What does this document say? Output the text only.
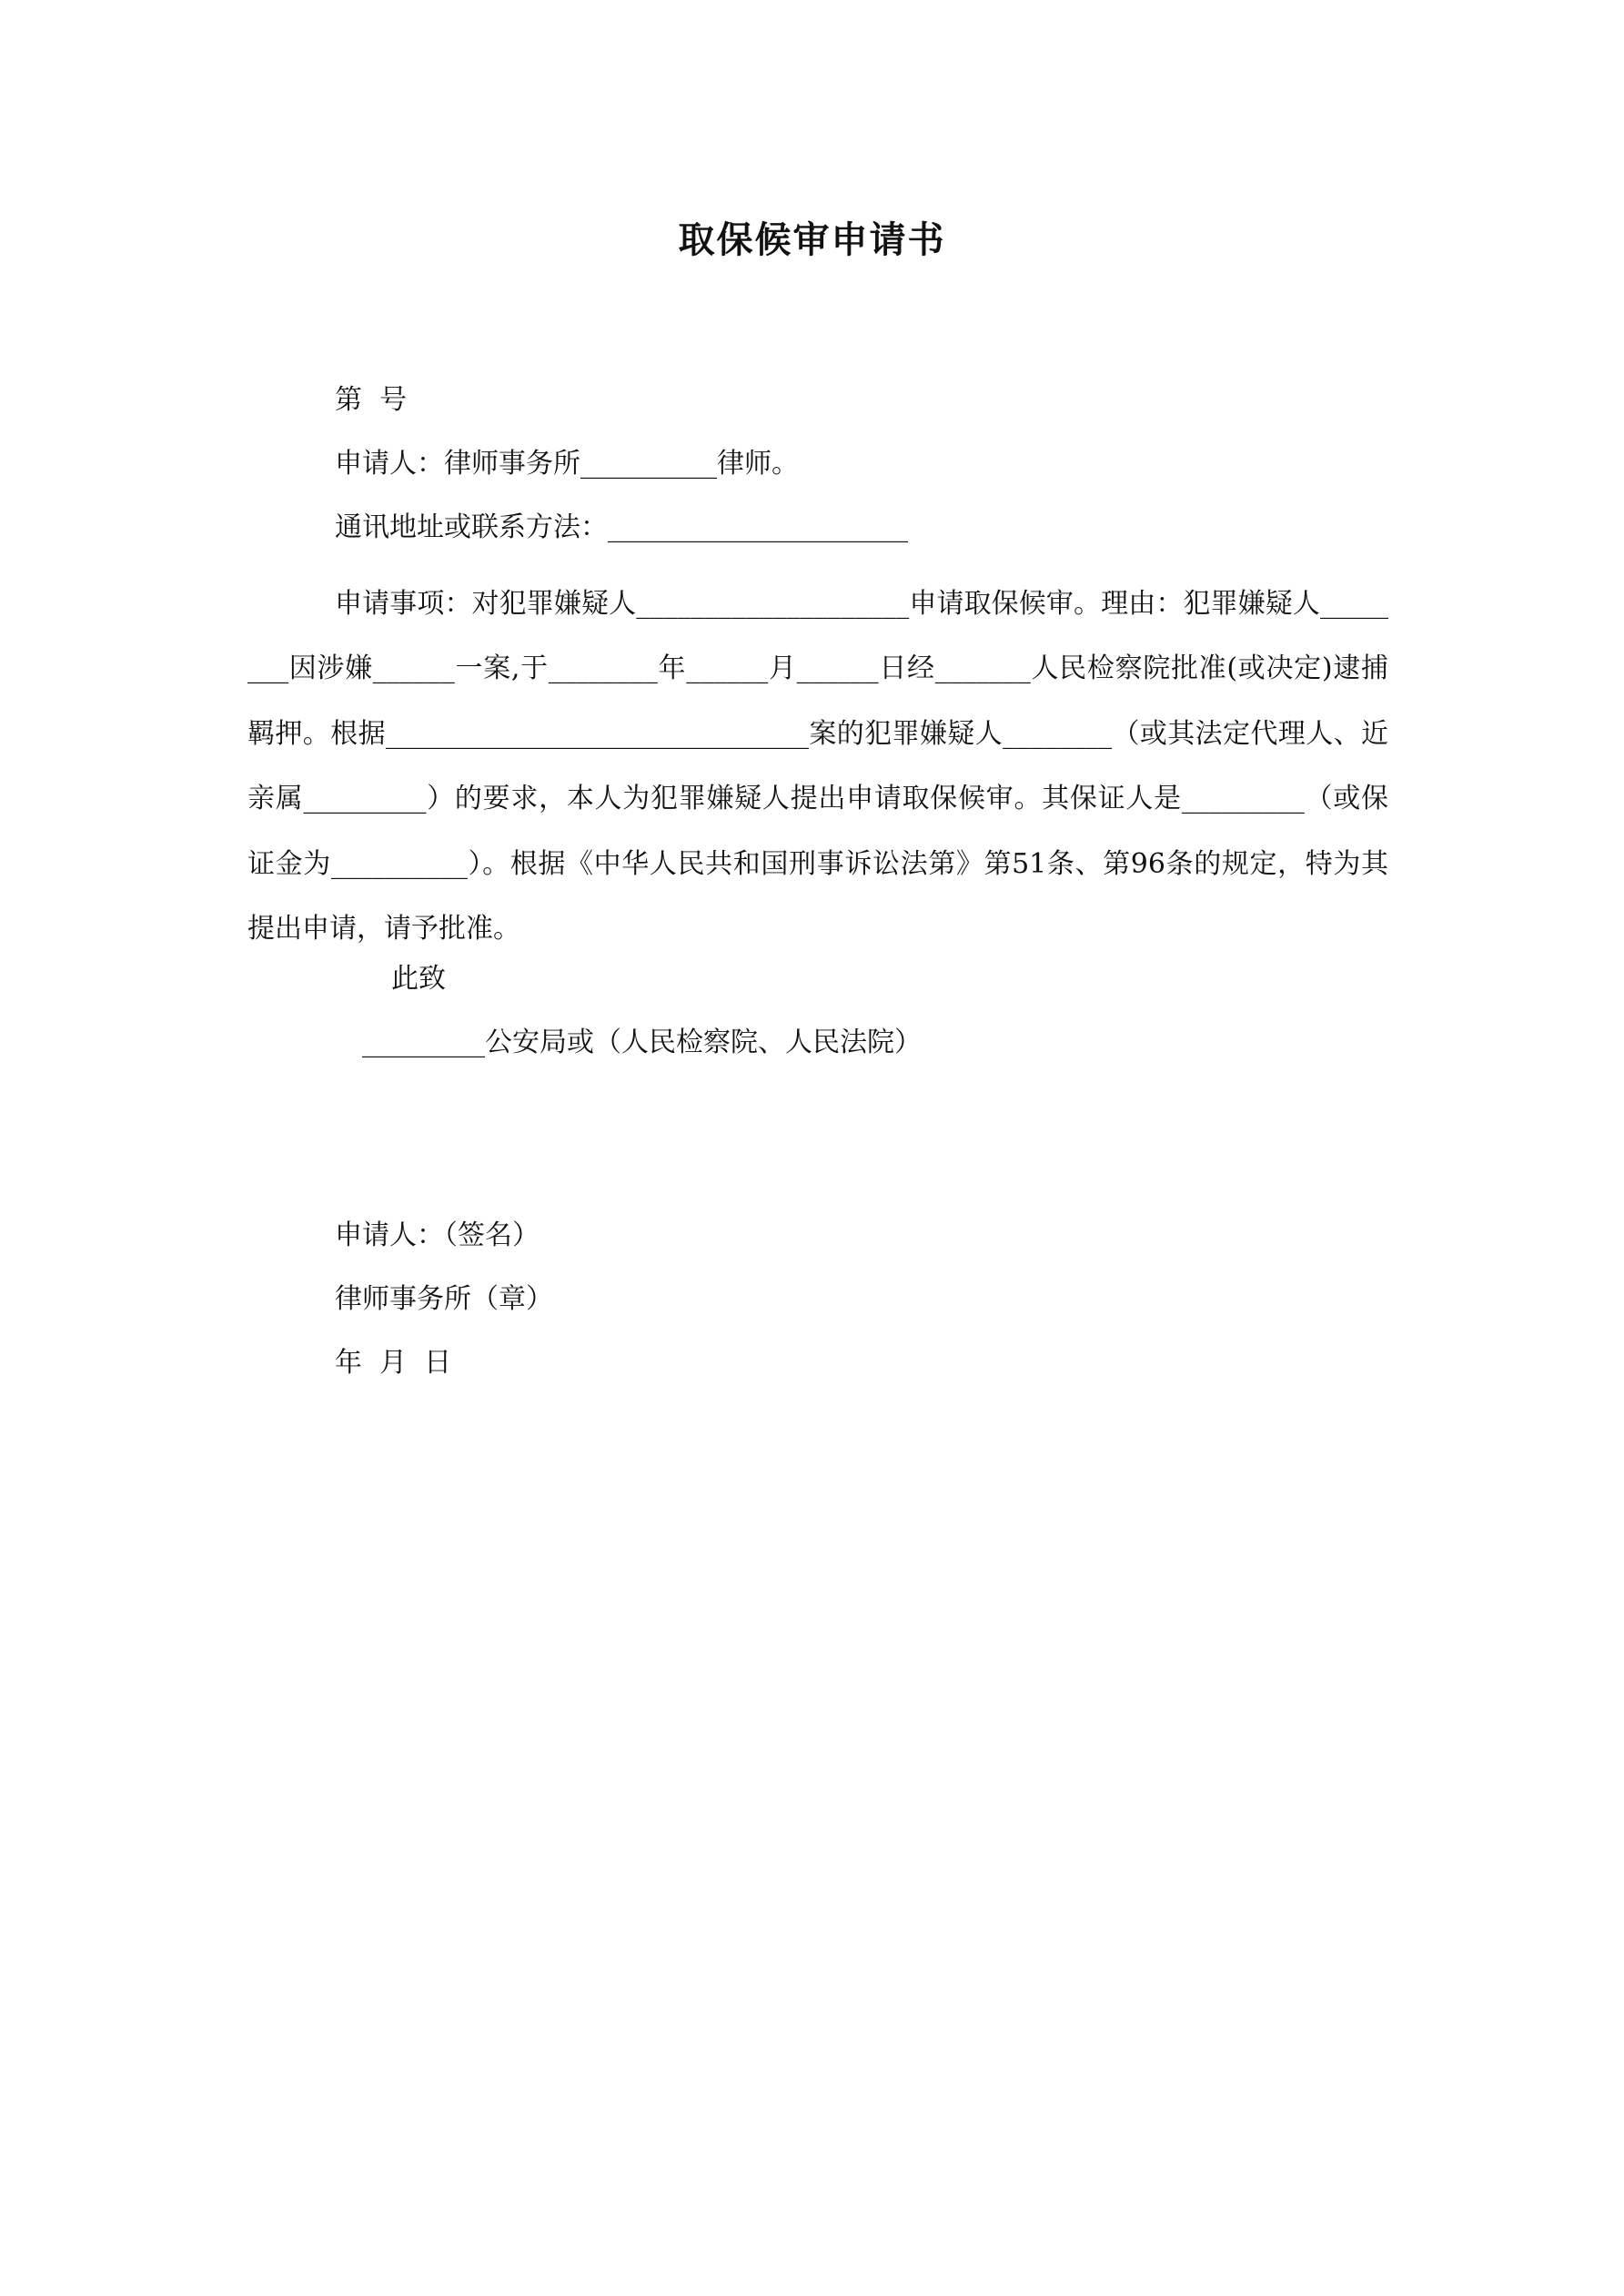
取保候审申请书
第  号
申请人：律师事务所__________律师。
通讯地址或联系方法：______________________
申请事项：对犯罪嫌疑人____________________申请取保候审。理由：犯罪嫌疑人________因涉嫌______一案,于________年______月______日经_______人民检察院批准(或决定)逮捕羁押。根据_______________________________案的犯罪嫌疑人________（或其法定代理人、近亲属_________）的要求，本人为犯罪嫌疑人提出申请取保候审。其保证人是_________（或保证金为__________）。根据《中华人民共和国刑事诉讼法第》第51条、第96条的规定，特为其提出申请，请予批准。
此致
_________公安局或（人民检察院、人民法院）
申请人：（签名）
律师事务所（章）
年  月  日
